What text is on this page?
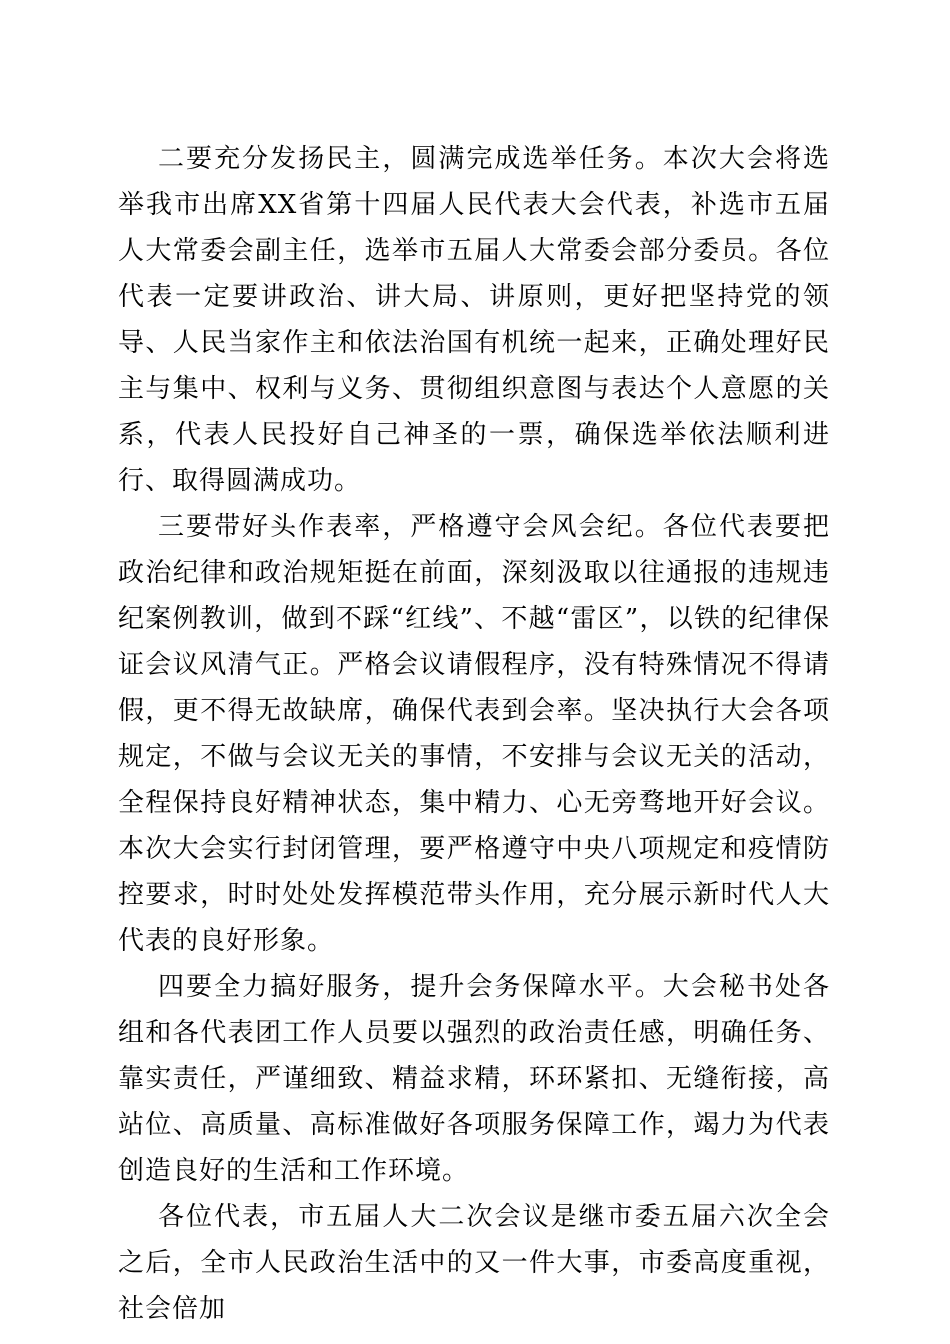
二要充分发扬民主，圆满完成选举任务。本次大会将选举我市出席XX省第十四届人民代表大会代表，补选市五届人大常委会副主任，选举市五届人大常委会部分委员。各位代表一定要讲政治、讲大局、讲原则，更好把坚持党的领导、人民当家作主和依法治国有机统一起来，正确处理好民主与集中、权利与义务、贯彻组织意图与表达个人意愿的关系，代表人民投好自己神圣的一票，确保选举依法顺利进行、取得圆满成功。

三要带好头作表率，严格遵守会风会纪。各位代表要把政治纪律和政治规矩挺在前面，深刻汲取以往通报的违规违纪案例教训，做到不踩“红线”、不越“雷区”，以铁的纪律保证会议风清气正。严格会议请假程序，没有特殊情况不得请假，更不得无故缺席，确保代表到会率。坚决执行大会各项规定，不做与会议无关的事情，不安排与会议无关的活动，全程保持良好精神状态，集中精力、心无旁骛地开好会议。本次大会实行封闭管理，要严格遵守中央八项规定和疫情防控要求，时时处处发挥模范带头作用，充分展示新时代人大代表的良好形象。

四要全力搞好服务，提升会务保障水平。大会秘书处各组和各代表团工作人员要以强烈的政治责任感，明确任务、靠实责任，严谨细致、精益求精，环环紧扣、无缝衔接，高站位、高质量、高标准做好各项服务保障工作，竭力为代表创造良好的生活和工作环境。

各位代表，市五届人大二次会议是继市委五届六次全会之后，全市人民政治生活中的又一件大事，市委高度重视，社会倍加
